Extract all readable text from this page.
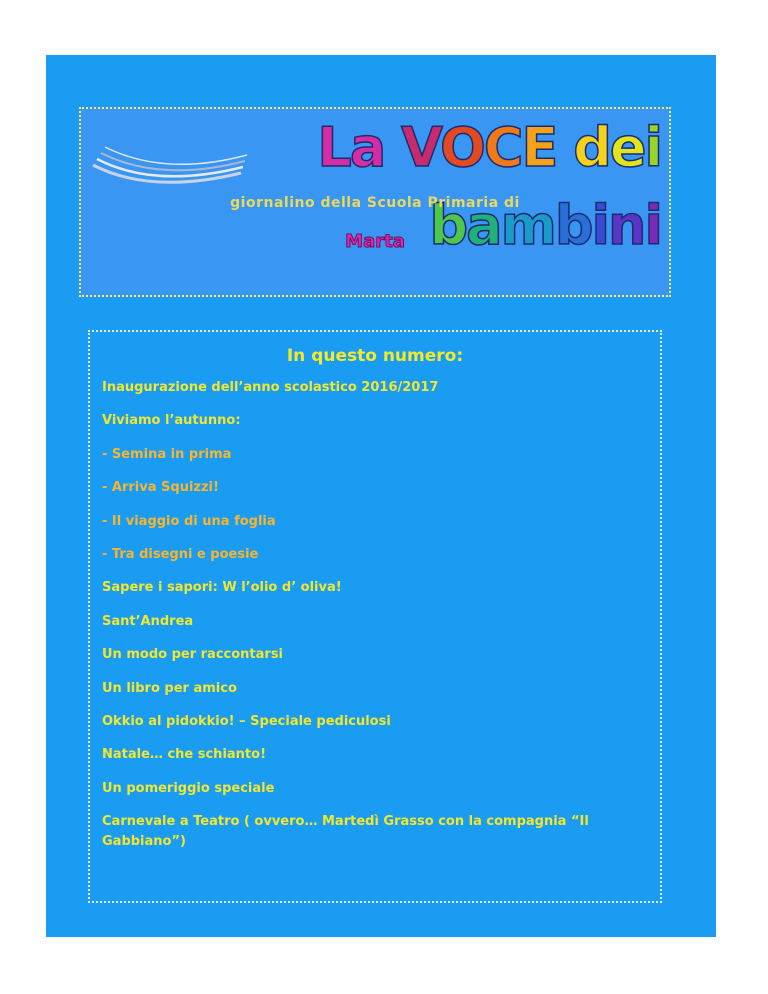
La VOCE dei bambini
giornalino della Scuola Primaria di
Marta
In questo numero:
Inaugurazione dell’anno scolastico 2016/2017
Viviamo l’autunno:
- Semina in prima
- Arriva Squizzi!
- Il viaggio di una foglia
- Tra disegni e poesie
Sapere i sapori: W l’olio d’ oliva!
Sant’Andrea
Un modo per raccontarsi
Un libro per amico
Okkio al pidokkio! – Speciale pediculosi
Natale… che schianto!
Un pomeriggio speciale
Carnevale a Teatro ( ovvero… Martedì Grasso con la compagnia “Il Gabbiano”)
